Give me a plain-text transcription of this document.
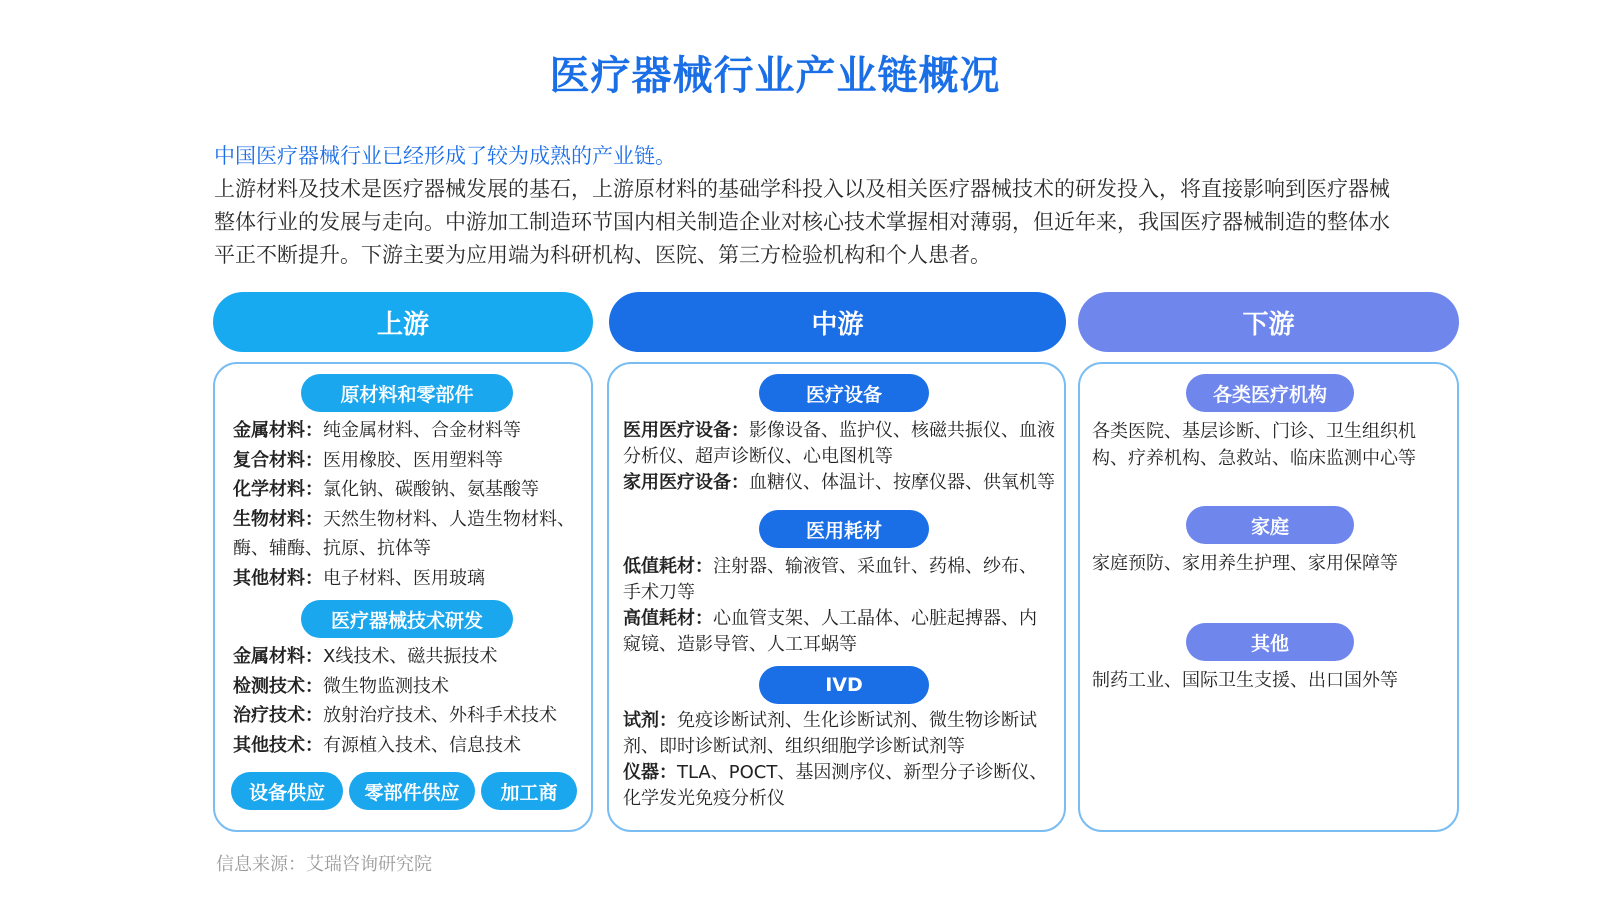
医疗器械行业产业链概况
中国医疗器械行业已经形成了较为成熟的产业链。
上游材料及技术是医疗器械发展的基石，上游原材料的基础学科投入以及相关医疗器械技术的研发投入，将直接影响到医疗器械整体行业的发展与走向。中游加工制造环节国内相关制造企业对核心技术掌握相对薄弱，但近年来，我国医疗器械制造的整体水平正不断提升。下游主要为应用端为科研机构、医院、第三方检验机构和个人患者。
上游
原材料和零部件
金属材料：纯金属材料、合金材料等
复合材料：医用橡胶、医用塑料等
化学材料：氯化钠、碳酸钠、氨基酸等
生物材料：天然生物材料、人造生物材料、酶、辅酶、抗原、抗体等
其他材料：电子材料、医用玻璃
医疗器械技术研发
金属材料：X线技术、磁共振技术
检测技术：微生物监测技术
治疗技术：放射治疗技术、外科手术技术
其他技术：有源植入技术、信息技术
设备供应	零部件供应	加工商
中游
医疗设备
医用医疗设备：影像设备、监护仪、核磁共振仪、血液分析仪、超声诊断仪、心电图机等
家用医疗设备：血糖仪、体温计、按摩仪器、供氧机等
医用耗材
低值耗材：注射器、输液管、采血针、药棉、纱布、手术刀等
高值耗材：心血管支架、人工晶体、心脏起搏器、内窥镜、造影导管、人工耳蜗等
IVD
试剂：免疫诊断试剂、生化诊断试剂、微生物诊断试剂、即时诊断试剂、组织细胞学诊断试剂等
仪器：TLA、POCT、基因测序仪、新型分子诊断仪、化学发光免疫分析仪
下游
各类医疗机构
各类医院、基层诊断、门诊、卫生组织机构、疗养机构、急救站、临床监测中心等
家庭
家庭预防、家用养生护理、家用保障等
其他
制药工业、国际卫生支援、出口国外等
信息来源：艾瑞咨询研究院
